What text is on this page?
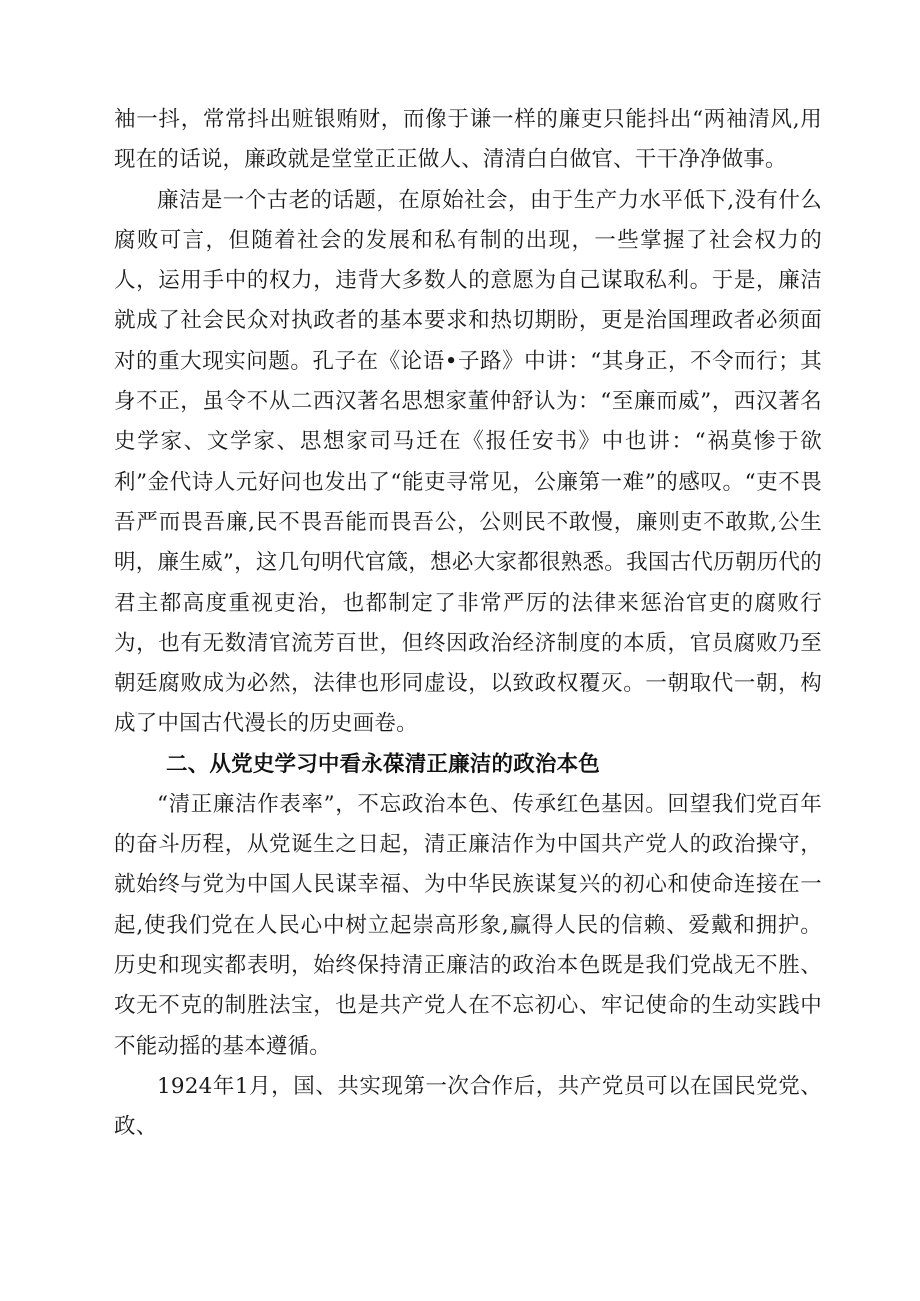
袖一抖，常常抖出赃银贿财，而像于谦一样的廉吏只能抖出“两袖清风,用现在的话说，廉政就是堂堂正正做人、清清白白做官、干干净净做事。

廉洁是一个古老的话题，在原始社会，由于生产力水平低下,没有什么腐败可言，但随着社会的发展和私有制的出现，一些掌握了社会权力的人，运用手中的权力，违背大多数人的意愿为自己谋取私利。于是，廉洁就成了社会民众对执政者的基本要求和热切期盼，更是治国理政者必须面对的重大现实问题。孔子在《论语•子路》中讲：“其身正，不令而行；其身不正，虽令不从二西汉著名思想家董仲舒认为：“至廉而威”，西汉著名史学家、文学家、思想家司马迁在《报任安书》中也讲：“祸莫惨于欲利”金代诗人元好问也发出了“能吏寻常见，公廉第一难”的感叹。“吏不畏吾严而畏吾廉,民不畏吾能而畏吾公，公则民不敢慢，廉则吏不敢欺,公生明，廉生威”，这几句明代官箴，想必大家都很熟悉。我国古代历朝历代的君主都高度重视吏治，也都制定了非常严厉的法律来惩治官吏的腐败行为，也有无数清官流芳百世，但终因政治经济制度的本质，官员腐败乃至朝廷腐败成为必然，法律也形同虚设，以致政权覆灭。一朝取代一朝，构成了中国古代漫长的历史画卷。

二、从党史学习中看永葆清正廉洁的政治本色

“清正廉洁作表率”，不忘政治本色、传承红色基因。回望我们党百年的奋斗历程，从党诞生之日起，清正廉洁作为中国共产党人的政治操守，就始终与党为中国人民谋幸福、为中华民族谋复兴的初心和使命连接在一起,使我们党在人民心中树立起崇高形象,赢得人民的信赖、爱戴和拥护。历史和现实都表明，始终保持清正廉洁的政治本色既是我们党战无不胜、攻无不克的制胜法宝，也是共产党人在不忘初心、牢记使命的生动实践中不能动摇的基本遵循。

1924年1月，国、共实现第一次合作后，共产党员可以在国民党党、政、
